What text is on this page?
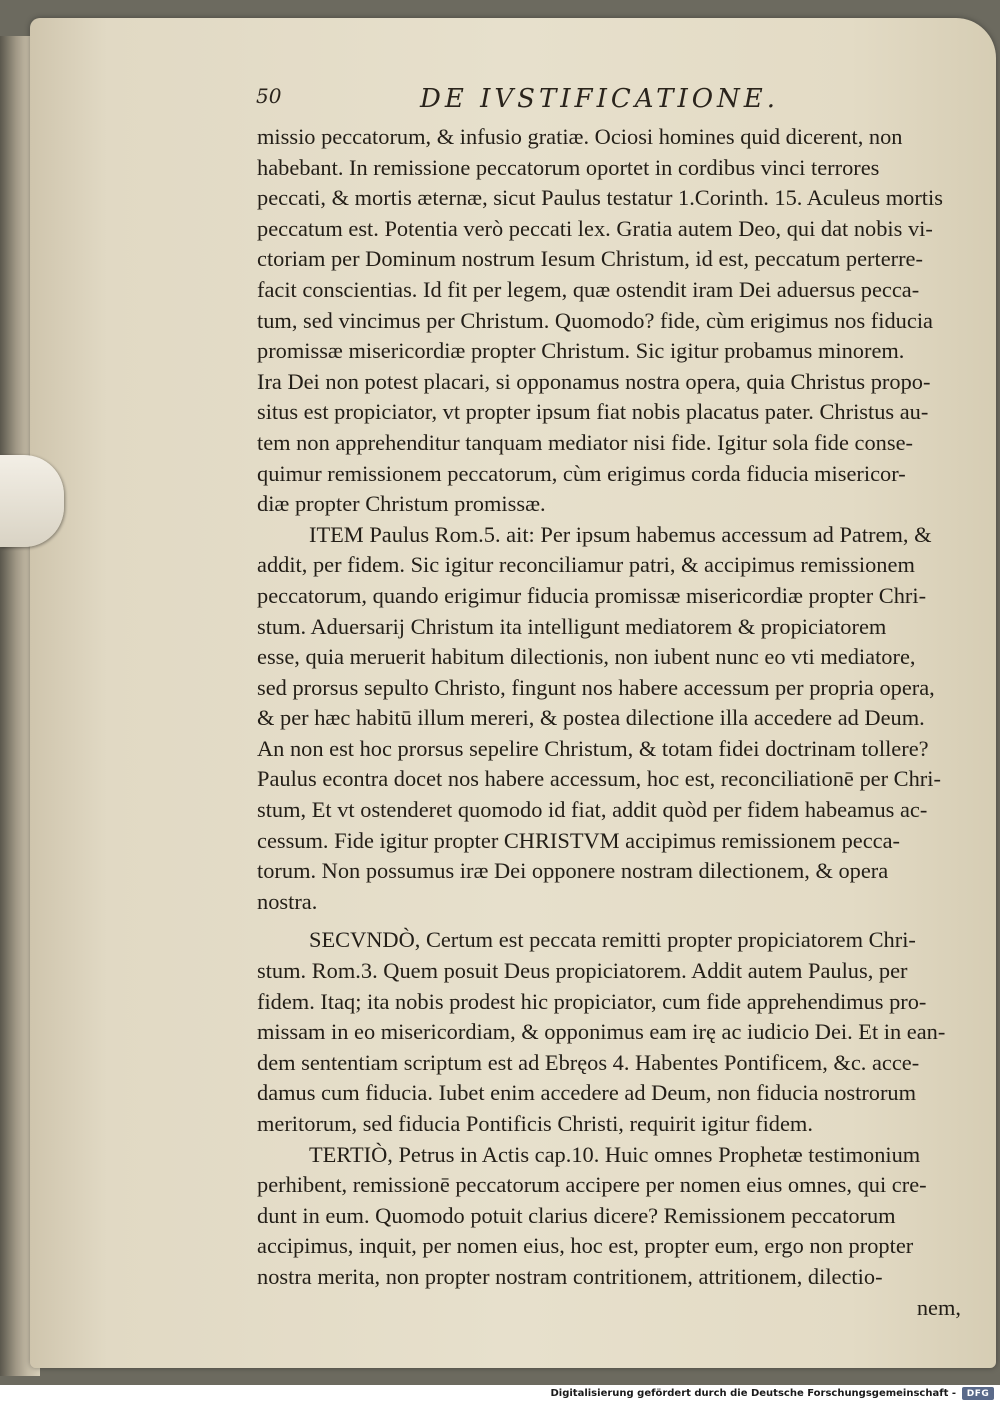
50	DE IVSTIFICATIONE.
missio peccatorum, & infusio gratiæ. Ociosi homines quid dicerent, non
habebant. In remissione peccatorum oportet in cordibus vinci terrores
peccati, & mortis æternæ, sicut Paulus testatur 1.Corinth. 15. Aculeus mortis
peccatum est. Potentia verò peccati lex. Gratia autem Deo, qui dat nobis vi-
ctoriam per Dominum nostrum Iesum Christum, id est, peccatum perterre-
facit conscientias. Id fit per legem, quæ ostendit iram Dei aduersus pecca-
tum, sed vincimus per Christum. Quomodo? fide, cùm erigimus nos fiducia
promissæ misericordiæ propter Christum. Sic igitur probamus minorem.
Ira Dei non potest placari, si opponamus nostra opera, quia Christus propo-
situs est propiciator, vt propter ipsum fiat nobis placatus pater. Christus au-
tem non apprehenditur tanquam mediator nisi fide. Igitur sola fide conse-
quimur remissionem peccatorum, cùm erigimus corda fiducia misericor-
diæ propter Christum promissæ.
ITEM Paulus Rom.5. ait: Per ipsum habemus accessum ad Patrem, &
addit, per fidem. Sic igitur reconciliamur patri, & accipimus remissionem
peccatorum, quando erigimur fiducia promissæ misericordiæ propter Chri-
stum. Aduersarij Christum ita intelligunt mediatorem & propiciatorem
esse, quia meruerit habitum dilectionis, non iubent nunc eo vti mediatore,
sed prorsus sepulto Christo, fingunt nos habere accessum per propria opera,
& per hæc habitū illum mereri, & postea dilectione illa accedere ad Deum.
An non est hoc prorsus sepelire Christum, & totam fidei doctrinam tollere?
Paulus econtra docet nos habere accessum, hoc est, reconciliationē per Chri-
stum, Et vt ostenderet quomodo id fiat, addit quòd per fidem habeamus ac-
cessum. Fide igitur propter CHRISTVM accipimus remissionem pecca-
torum. Non possumus iræ Dei opponere nostram dilectionem, & opera
nostra.
SECVNDÒ, Certum est peccata remitti propter propiciatorem Chri-
stum. Rom.3. Quem posuit Deus propiciatorem. Addit autem Paulus, per
fidem. Itaq; ita nobis prodest hic propiciator, cum fide apprehendimus pro-
missam in eo misericordiam, & opponimus eam irę ac iudicio Dei. Et in ean-
dem sententiam scriptum est ad Ebręos 4. Habentes Pontificem, &c. acce-
damus cum fiducia. Iubet enim accedere ad Deum, non fiducia nostrorum
meritorum, sed fiducia Pontificis Christi, requirit igitur fidem.
TERTIÒ, Petrus in Actis cap.10. Huic omnes Prophetæ testimonium
perhibent, remissionē peccatorum accipere per nomen eius omnes, qui cre-
dunt in eum. Quomodo potuit clarius dicere? Remissionem peccatorum
accipimus, inquit, per nomen eius, hoc est, propter eum, ergo non propter
nostra merita, non propter nostram contritionem, attritionem, dilectio-
nem,
Digitalisierung gefördert durch die Deutsche Forschungsgemeinschaft -	DFG
